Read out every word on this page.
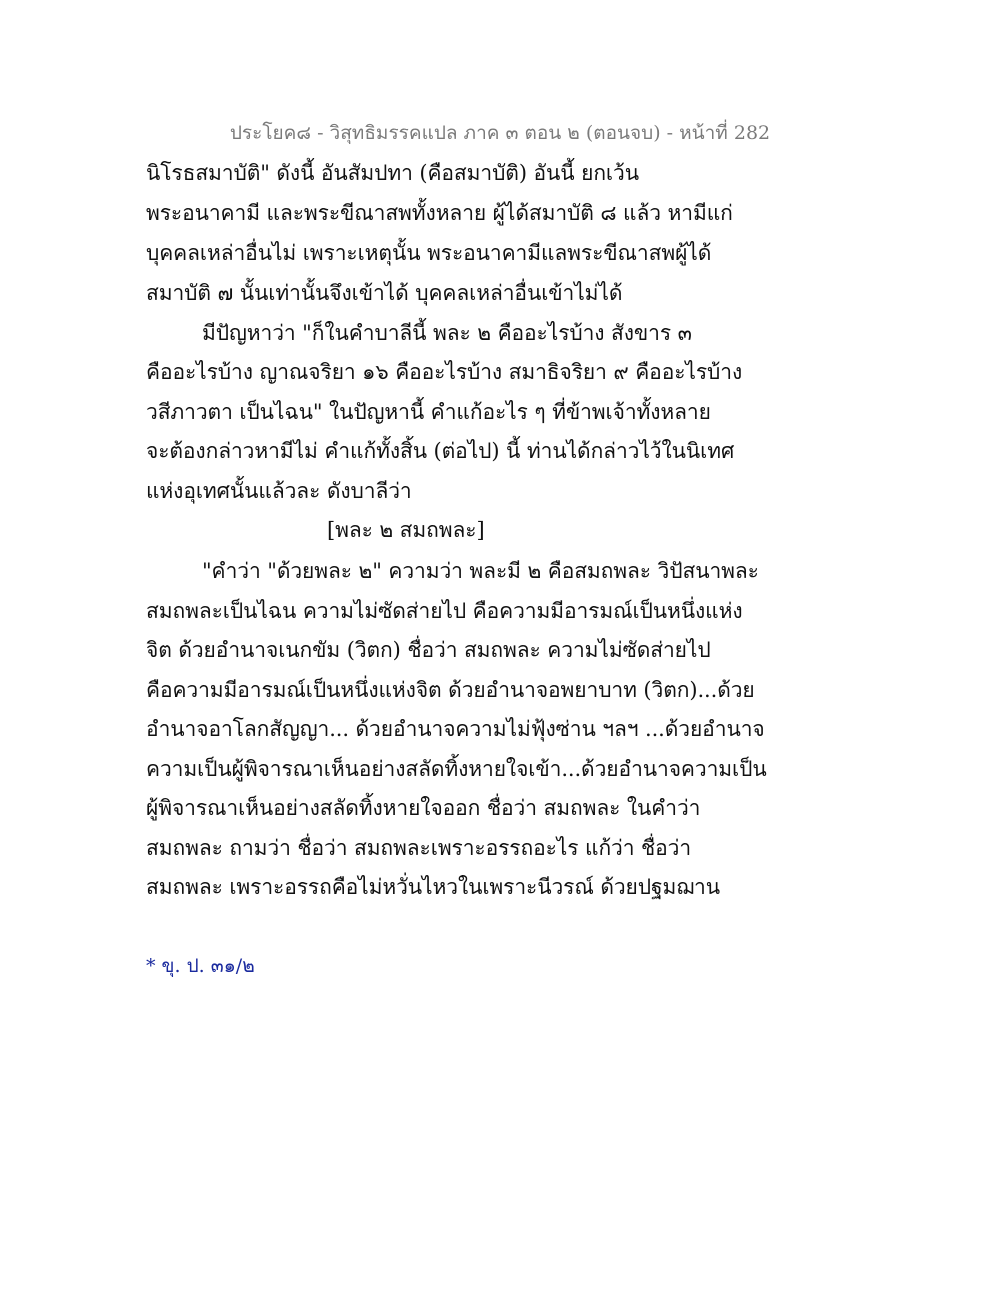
ประโยค๘ - วิสุทธิมรรคแปล ภาค ๓ ตอน ๒ (ตอนจบ) - หน้าที่ 282
นิโรธสมาบัติ" ดังนี้ อันสัมปทา (คือสมาบัติ) อันนี้ ยกเว้น
พระอนาคามี และพระขีณาสพทั้งหลาย ผู้ได้สมาบัติ ๘ แล้ว หามีแก่
บุคคลเหล่าอื่นไม่ เพราะเหตุนั้น พระอนาคามีแลพระขีณาสพผู้ได้
สมาบัติ ๗ นั้นเท่านั้นจึงเข้าได้ บุคคลเหล่าอื่นเข้าไม่ได้
มีปัญหาว่า "ก็ในคำบาลีนี้ พละ ๒ คืออะไรบ้าง สังขาร ๓
คืออะไรบ้าง ญาณจริยา ๑๖ คืออะไรบ้าง สมาธิจริยา ๙ คืออะไรบ้าง
วสีภาวตา เป็นไฉน" ในปัญหานี้ คำแก้อะไร ๆ ที่ข้าพเจ้าทั้งหลาย
จะต้องกล่าวหามีไม่ คำแก้ทั้งสิ้น (ต่อไป) นี้ ท่านได้กล่าวไว้ในนิเทศ
แห่งอุเทศนั้นแล้วละ ดังบาลีว่า
[พละ ๒ สมถพละ]
"คำว่า "ด้วยพละ ๒" ความว่า พละมี ๒ คือสมถพละ วิปัสนาพละ
สมถพละเป็นไฉน ความไม่ซัดส่ายไป คือความมีอารมณ์เป็นหนึ่งแห่ง
จิต ด้วยอำนาจเนกขัม (วิตก) ชื่อว่า สมถพละ ความไม่ซัดส่ายไป
คือความมีอารมณ์เป็นหนึ่งแห่งจิต ด้วยอำนาจอพยาบาท (วิตก)...ด้วย
อำนาจอาโลกสัญญา... ด้วยอำนาจความไม่ฟุ้งซ่าน ฯลฯ ...ด้วยอำนาจ
ความเป็นผู้พิจารณาเห็นอย่างสลัดทิ้งหายใจเข้า...ด้วยอำนาจความเป็น
ผู้พิจารณาเห็นอย่างสลัดทิ้งหายใจออก ชื่อว่า สมถพละ ในคำว่า
สมถพละ ถามว่า ชื่อว่า สมถพละเพราะอรรถอะไร แก้ว่า ชื่อว่า
สมถพละ เพราะอรรถคือไม่หวั่นไหวในเพราะนีวรณ์ ด้วยปฐมฌาน
* ขุ. ป. ๓๑/๒
